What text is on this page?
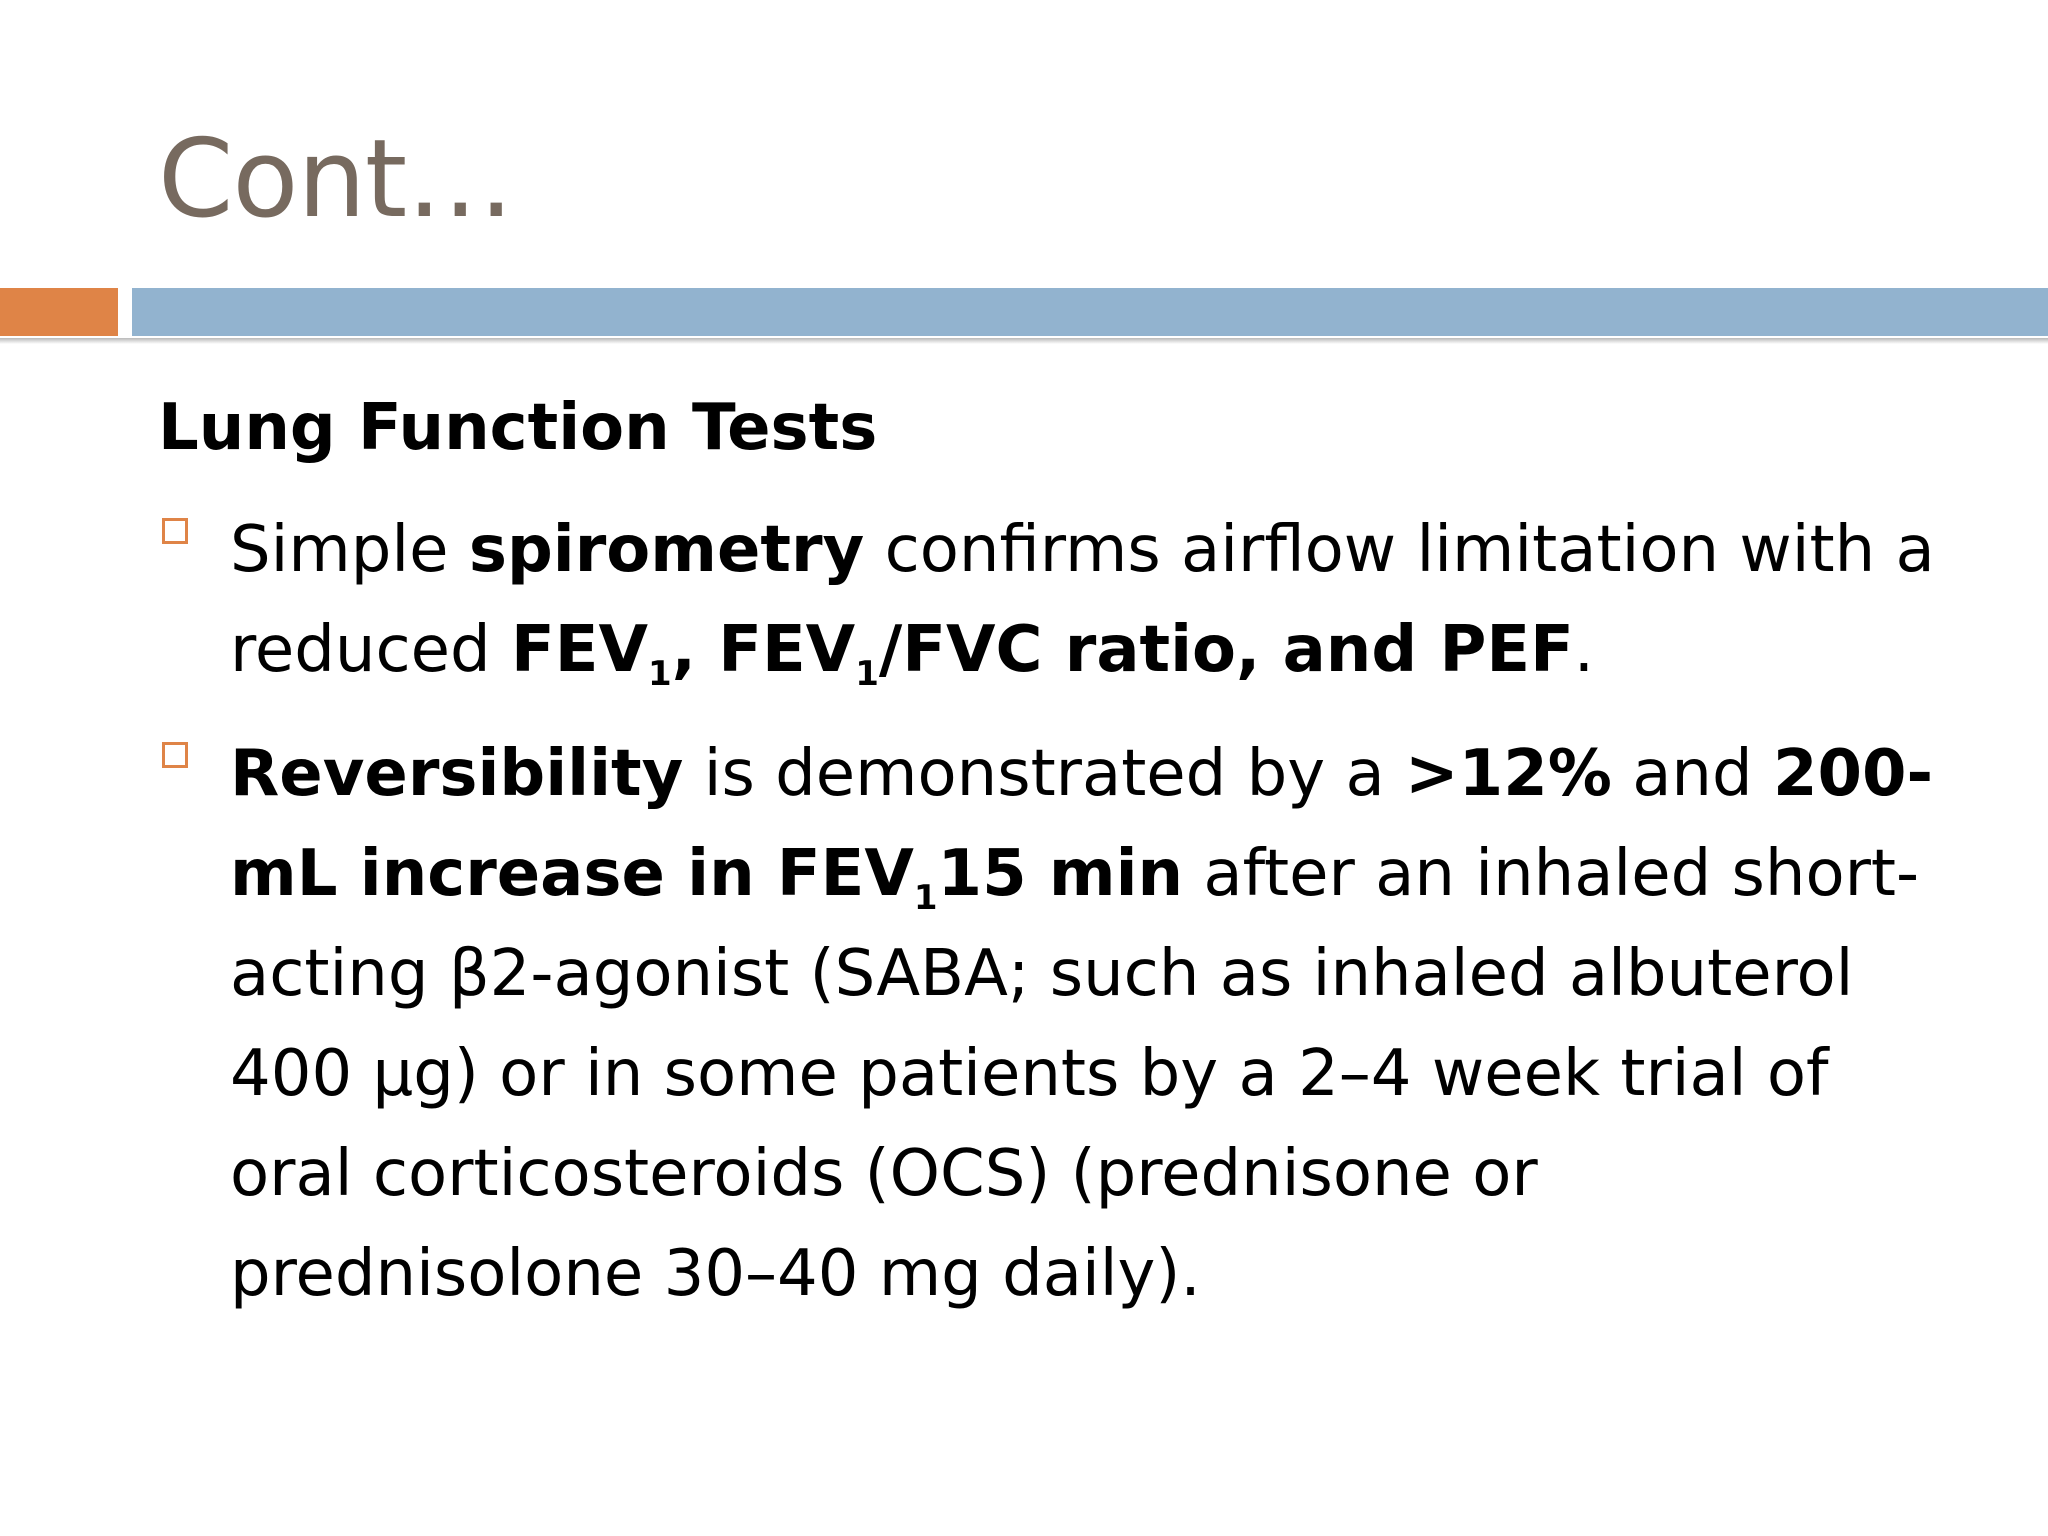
Cont…
Lung Function Tests
Simple spirometry confirms airflow limitation with a reduced $FEV_1$, $FEV_1$/FVC ratio, and PEF.
Reversibility is demonstrated by a >12% and 200-mL increase in $FEV_115$ min after an inhaled short-acting β2-agonist (SABA; such as inhaled albuterol 400 μg) or in some patients by a 2–4 week trial of oral corticosteroids (OCS) (prednisone or prednisolone 30–40 mg daily).
